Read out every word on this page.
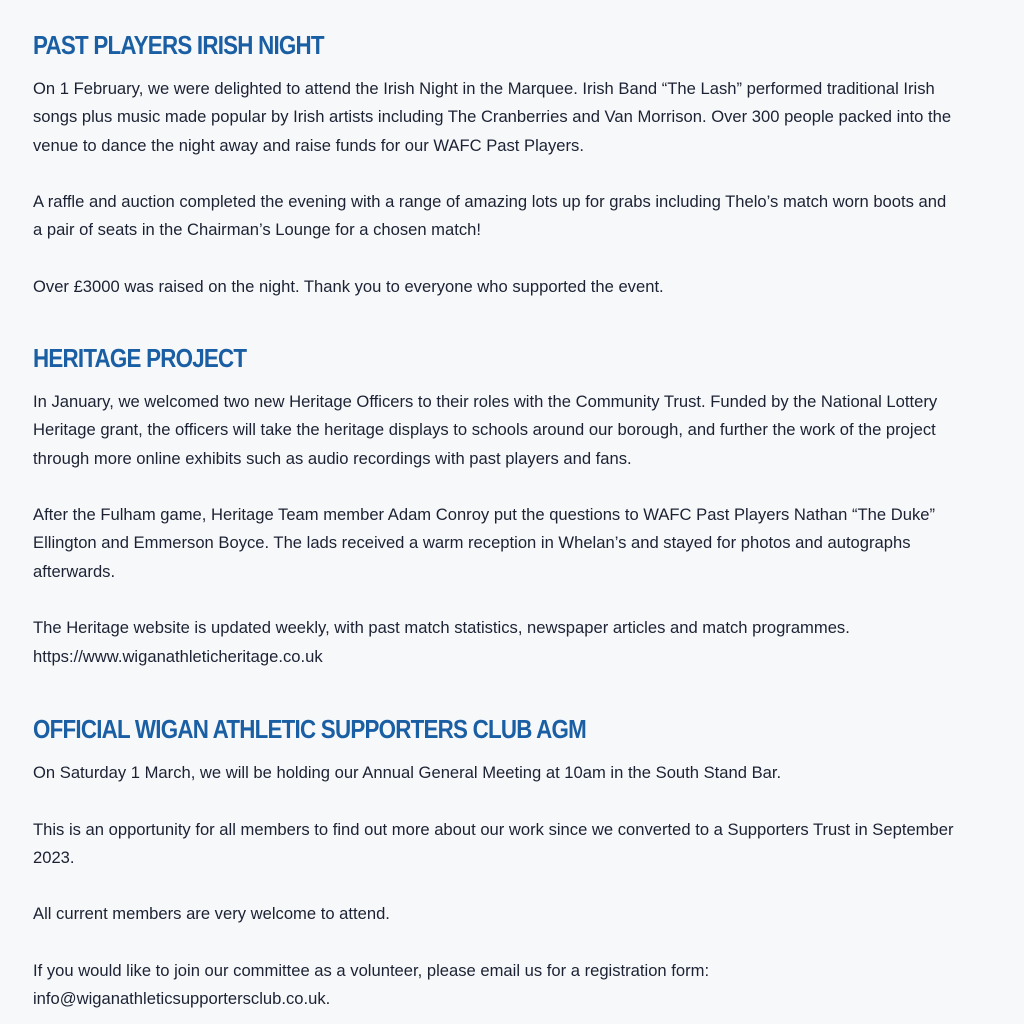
PAST PLAYERS IRISH NIGHT

On 1 February, we were delighted to attend the Irish Night in the Marquee. Irish Band “The Lash” performed traditional Irish songs plus music made popular by Irish artists including The Cranberries and Van Morrison. Over 300 people packed into the venue to dance the night away and raise funds for our WAFC Past Players.

A raffle and auction completed the evening with a range of amazing lots up for grabs including Thelo’s match worn boots and a pair of seats in the Chairman’s Lounge for a chosen match!

Over £3000 was raised on the night. Thank you to everyone who supported the event.

HERITAGE PROJECT

In January, we welcomed two new Heritage Officers to their roles with the Community Trust. Funded by the National Lottery Heritage grant, the officers will take the heritage displays to schools around our borough, and further the work of the project through more online exhibits such as audio recordings with past players and fans.

After the Fulham game, Heritage Team member Adam Conroy put the questions to WAFC Past Players Nathan “The Duke” Ellington and Emmerson Boyce. The lads received a warm reception in Whelan’s and stayed for photos and autographs afterwards.

The Heritage website is updated weekly, with past match statistics, newspaper articles and match programmes.

https://www.wiganathleticheritage.co.uk

OFFICIAL WIGAN ATHLETIC SUPPORTERS CLUB AGM

On Saturday 1 March, we will be holding our Annual General Meeting at 10am in the South Stand Bar.

This is an opportunity for all members to find out more about our work since we converted to a Supporters Trust in September 2023.

All current members are very welcome to attend.

If you would like to join our committee as a volunteer, please email us for a registration form:

info@wiganathleticsupportersclub.co.uk.
